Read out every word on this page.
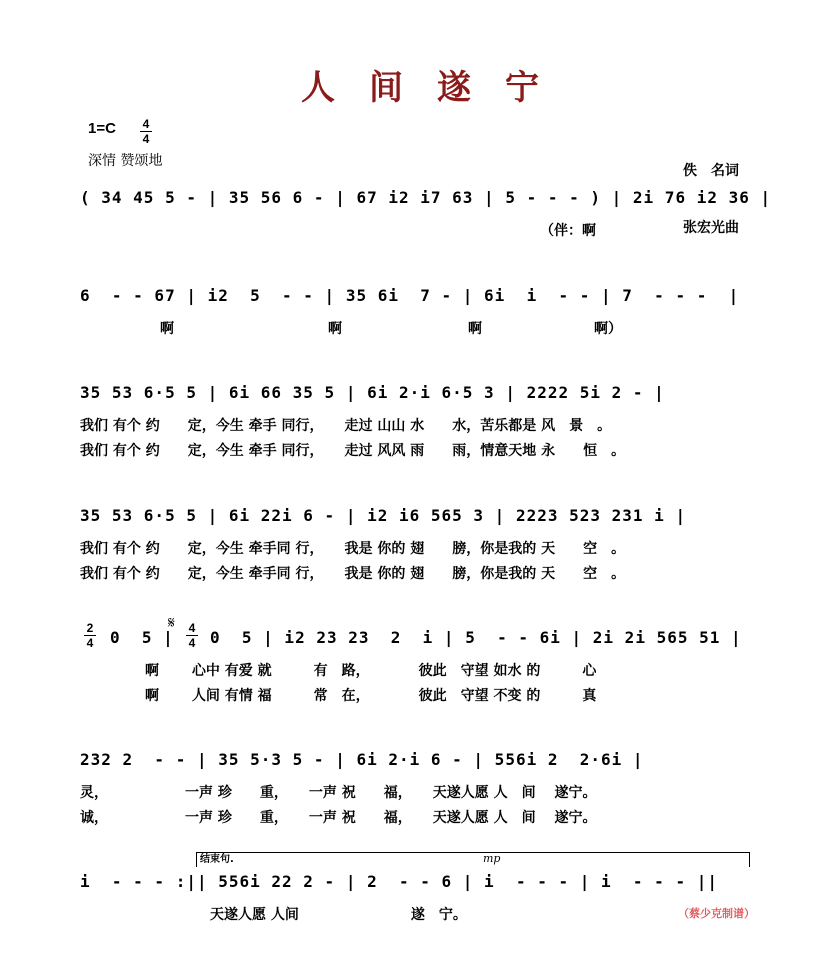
人间遂宁
1=C 4
4
深情 赞颂地

佚　名词

张宏光曲

( 34 45 5 - | 35 56 6 - | 67 i2 i7 63 | 5 - - - ) | 2i 76 i2 36 |
（伴：啊
6  - - 67 | i2  5  - - | 35 6i  7 - | 6i  i  - - | 7  - - -  |
啊　　　　　　　　　　　啊　　　　　　　　　啊　　　　　　　　啊）
35 53 6·5 5 | 6i 66 35 5 | 6i 2·i 6·5 3 | 2222 5i 2 - |
我们 有个 约　　定，今生 牵手 同行，　　走过 山山 水　　水，苦乐都是 风　景　。
我们 有个 约　　定，今生 牵手 同行，　　走过 风风 雨　　雨，情意天地 永　　恒　。
35 53 6·5 5 | 6i 22i 6 - | i2 i6 565 3 | 2223 523 231 i |
我们 有个 约　　定，今生 牵手同 行，　　我是 你的 翅　　膀，你是我的 天　　空　。
我们 有个 约　　定，今生 牵手同 行，　　我是 你的 翅　　膀，你是我的 天　　空　。
2
4
𝄋 4
4
0  5 | 0  5 | i2 23 23  2  i | 5  - - 6i | 2i 2i 565 51 |
啊　　 心中 有爱 就　　　有　路，　　　　彼此　守望 如水 的　　　心
啊　　 人间 有情 福　　　常　在，　　　　彼此　守望 不变 的　　　真
232 2  - - | 35 5·3 5 - | 6i 2·i 6 - | 556i 2  2·6i |
灵，　　　　　　一声 珍　　重，　　一声 祝　　福，　　天遂人愿 人　间　 遂宁。
诚，　　　　　　一声 珍　　重，　　一声 祝　　福，　　天遂人愿 人　间　 遂宁。
结束句.	mp
i  - - - :|| 556i 22 2 - | 2  - - 6 | i  - - - | i  - - - ||
天遂人愿 人间　　　　　　　　遂　宁。	（蔡少克制谱）
